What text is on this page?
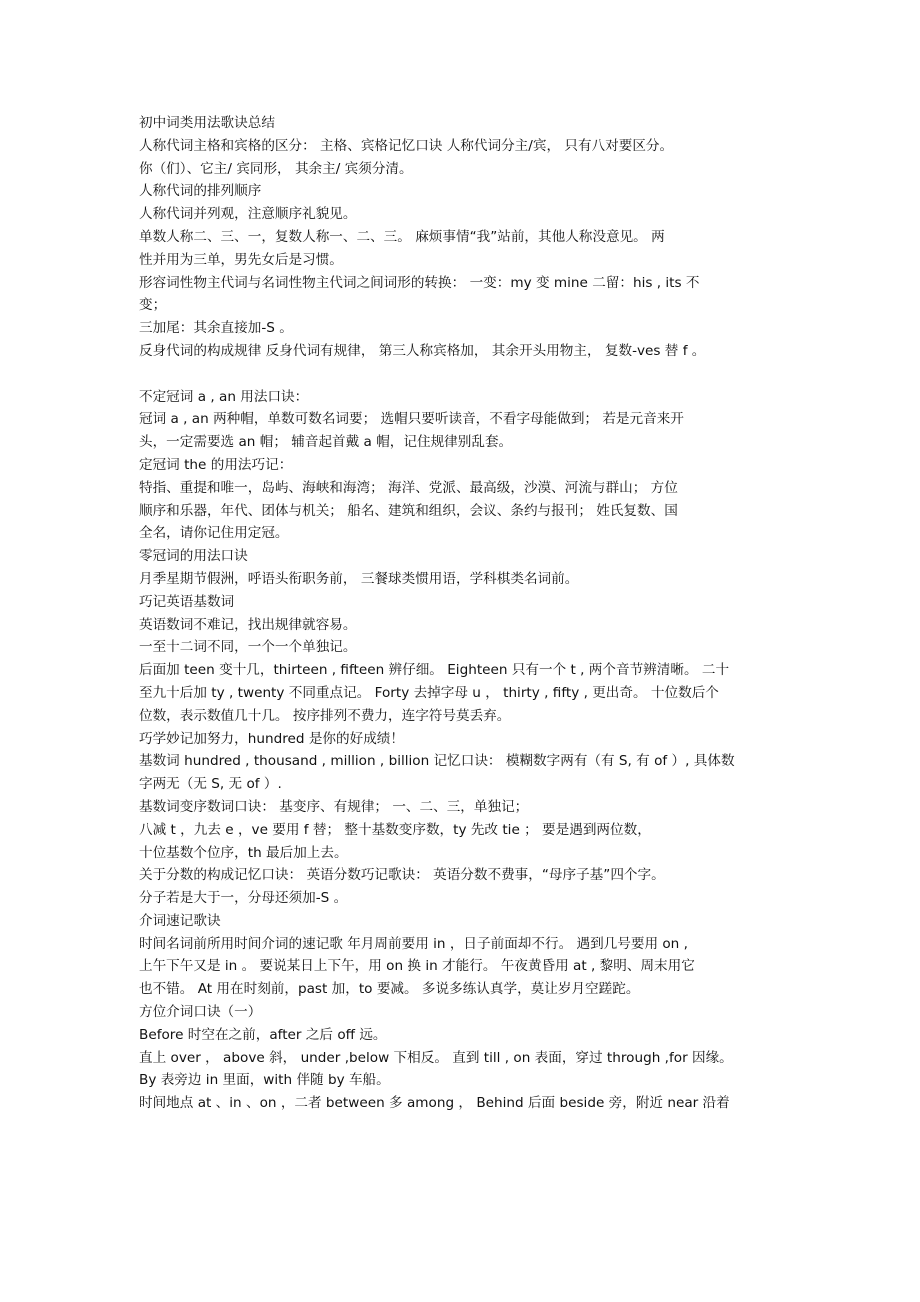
初中词类用法歌诀总结
人称代词主格和宾格的区分： 主格、宾格记忆口诀 人称代词分主/宾， 只有八对要区分。
你（们）、它主/ 宾同形， 其余主/ 宾须分清。
人称代词的排列顺序
人称代词并列观，注意顺序礼貌见。
单数人称二、三、一，复数人称一、二、三。 麻烦事情“我”站前，其他人称没意见。 两
性并用为三单，男先女后是习惯。
形容词性物主代词与名词性物主代词之间词形的转换： 一变：my 变 mine 二留：his , its 不
变；
三加尾：其余直接加-S 。
反身代词的构成规律 反身代词有规律， 第三人称宾格加， 其余开头用物主， 复数-ves 替 f 。
不定冠词 a , an 用法口诀：
冠词 a , an 两种帽，单数可数名词要； 选帽只要听读音，不看字母能做到； 若是元音来开
头，一定需要选 an 帽； 辅音起首戴 a 帽，记住规律别乱套。
定冠词 the 的用法巧记：
特指、重提和唯一，岛屿、海峡和海湾； 海洋、党派、最高级，沙漠、河流与群山； 方位
顺序和乐器，年代、团体与机关； 船名、建筑和组织，会议、条约与报刊； 姓氏复数、国
全名，请你记住用定冠。
零冠词的用法口诀
月季星期节假洲，呼语头衔职务前， 三餐球类惯用语，学科棋类名词前。
巧记英语基数词
英语数词不难记，找出规律就容易。
一至十二词不同，一个一个单独记。
后面加 teen 变十几，thirteen , fifteen 辨仔细。 Eighteen 只有一个 t , 两个音节辨清晰。 二十
至九十后加 ty , twenty 不同重点记。 Forty 去掉字母 u ， thirty , fifty , 更出奇。 十位数后个
位数，表示数值几十几。 按序排列不费力，连字符号莫丢弃。
巧学妙记加努力，hundred 是你的好成绩！
基数词 hundred , thousand , million , billion 记忆口诀： 模糊数字两有（有 S, 有 of ）, 具体数
字两无（无 S, 无 of ）.
基数词变序数词口诀： 基变序、有规律； 一、二、三，单独记；
八减 t ，九去 e ，ve 要用 f 替； 整十基数变序数，ty 先改 tie ； 要是遇到两位数，
十位基数个位序，th 最后加上去。
关于分数的构成记忆口诀： 英语分数巧记歌诀： 英语分数不费事，“母序子基”四个字。
分子若是大于一，分母还须加-S 。
介词速记歌诀
时间名词前所用时间介词的速记歌 年月周前要用 in ，日子前面却不行。 遇到几号要用 on ,
上午下午又是 in 。 要说某日上下午，用 on 换 in 才能行。 午夜黄昏用 at , 黎明、周末用它
也不错。 At 用在时刻前，past 加，to 要减。 多说多练认真学，莫让岁月空蹉跎。
方位介词口诀（一）
Before 时空在之前，after 之后 off 远。
直上 over ， above 斜， under ,below 下相反。 直到 till , on 表面，穿过 through ,for 因缘。
By 表旁边 in 里面，with 伴随 by 车船。
时间地点 at 、in 、on ，二者 between 多 among ， Behind 后面 beside 旁，附近 near 沿着
